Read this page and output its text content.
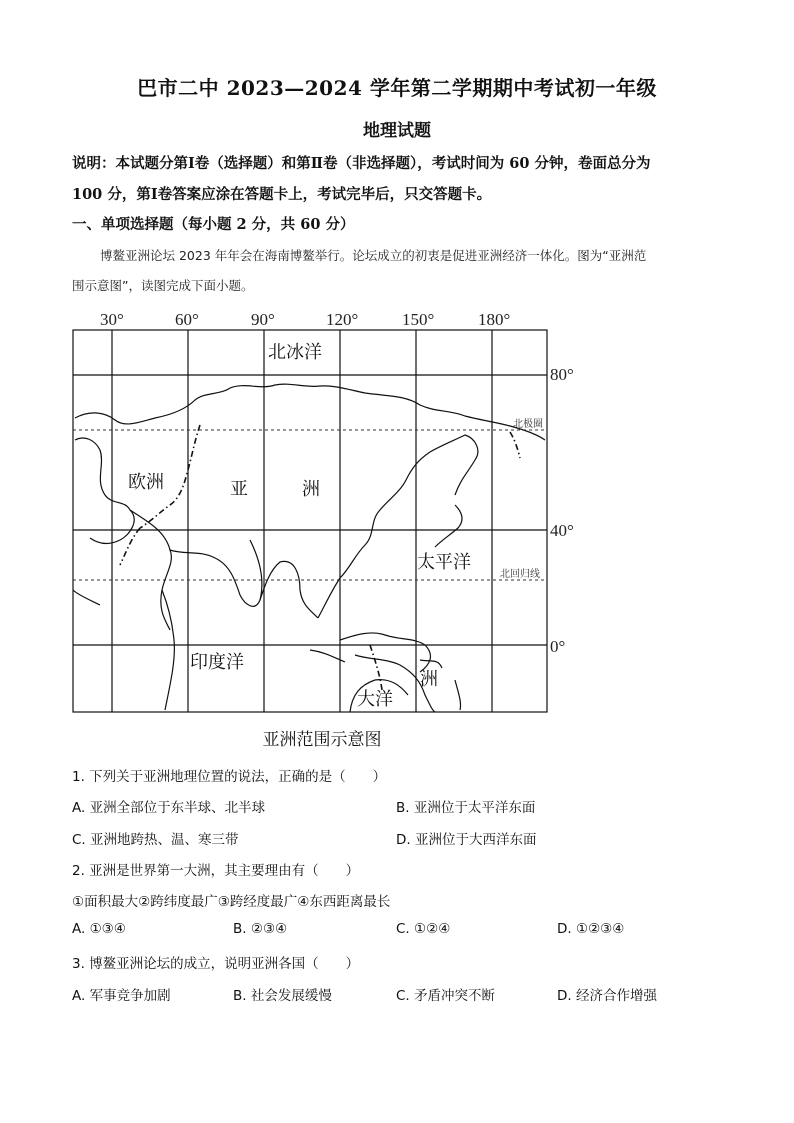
巴市二中 2023—2024 学年第二学期期中考试初一年级
地理试题
说明：本试题分第Ⅰ卷（选择题）和第Ⅱ卷（非选择题），考试时间为 60 分钟，卷面总分为
100 分，第Ⅰ卷答案应涂在答题卡上，考试完毕后，只交答题卡。
一、单项选择题（每小题 2 分，共 60 分）
博鳌亚洲论坛 2023 年年会在海南博鳌举行。论坛成立的初衷是促进亚洲经济一体化。图为“亚洲范
围示意图”，读图完成下面小题。
30°	60°	90°	120°	150°	180°
80°
40°
0°
北极圈
北回归线
北冰洋
欧洲	亚	洲
太平洋
印度洋
洲
大洋
亚洲范围示意图
1. 下列关于亚洲地理位置的说法，正确的是（　　）
A. 亚洲全部位于东半球、北半球	B. 亚洲位于太平洋东面
C. 亚洲地跨热、温、寒三带	D. 亚洲位于大西洋东面
2. 亚洲是世界第一大洲，其主要理由有（　　）
①面积最大②跨纬度最广③跨经度最广④东西距离最长
A. ①③④	B. ②③④	C. ①②④	D. ①②③④
3. 博鳌亚洲论坛的成立，说明亚洲各国（　　）
A. 军事竞争加剧	B. 社会发展缓慢	C. 矛盾冲突不断	D. 经济合作增强
